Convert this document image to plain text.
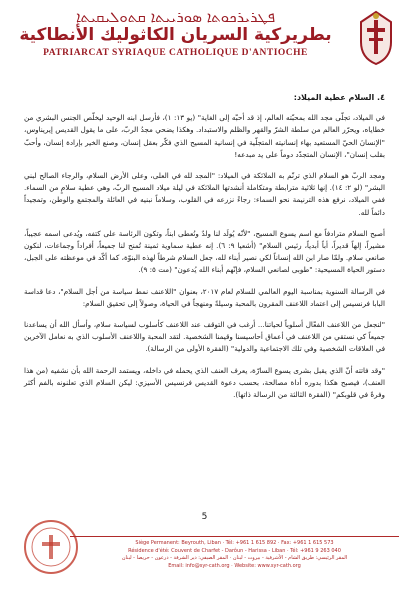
ܦܛܪܝܪܟܘܬܐ ܣܘܪܝܝܬܐ ܩܬܘܠܝܩܝܬܐ
بطريركية السريان الكاثوليك الأنطاكية
PATRIARCAT SYRIAQUE CATHOLIQUE D'ANTIOCHE
٤. السلام عطية الميلاد:

في الميلاد، تجلّى مجد الله بمحبّته العالم، إذ قد أحبّه إلى الغاية" (يو ١٣: ١)، فأرسل ابنه الوحيد ليخلّص الجنس البشري من خطاياه، ويحرّر العالم من سلطة الشرّ والقهر والظلم والاستبداد. وهكذا يضحي مجدُ الربّ، على ما يقول القديس إيريناوس، "الإنسانَ الحيّ المستعيد بهاء إنسانيته المتجلّية في إنسانية المسيح الذي فكّر بعقل إنسان، وصنع الخير بإرادة إنسان، وأحبّ بقلب إنسان"، الإنسان المتجدّد دوماً على يد مبدعه!

ومجد الربّ هو السلام الذي ترنّم به الملائكة في الميلاد: "المجد لله في العلى، وعلى الأرض السلام، والرجاء الصالح لبني البشر" (لو ٢: ١٤). إنها ثلاثية مترابطة ومتكاملة أنشدتها الملائكة في ليلة ميلاد المسيح الربّ، وهي عطية سلامٍ من السماء. ففي الميلاد، نرفع هذه الترنيمة نحو السماء: رجاءً نزرعه في القلوب، وسلاماً نبنيه في العائلة والمجتمع والوطن، وتمجيداً دائماً لله.

أصبح السلام مترادفاً مع اسم يسوع المسيح، "لأنّه يُولَد لنا ولدٌ ونُعطى ابناً، وتكون الرئاسة على كتفه، ويُدعى اسمه عجيباً، مشيراً، إلهاً قديراً، أباً أبدياً، رئيس السلام" (أشعيا ٩: ٦). إنه عطية سماوية ثمينة تُمنح لنا جميعاً، أفراداً وجماعات، لنكون صانعي سلام. ولمّا صار ابن الله إنساناً لكي نصير أبناء لله، جعل السلام شرطاً لهذه البنوّة، كما أكّد في موعظته على الجبل، دستور الحياة المسيحية: "طوبى لصانعي السلام، فإنّهم أبناء الله يُدعون" (مت ٥: ٩).

في الرسالة السنوية بمناسبة اليوم العالمي للسلام لعام ٢٠١٧، بعنوان "اللاعنف نمط سياسة من أجل السلام"، دعا قداسة البابا فرنسيس إلى اعتماد اللاعنف المقرون بالمحبة وسيلةً ومنهجاً في الحياة، وصولاً إلى تحقيق السلام:

"لنجعل من اللاعنف الفعّال أسلوباً لحياتنا... أرغب في التوقف عند اللاعنف كأسلوب لسياسة سلام، وأسأل الله أن يساعدنا جميعاً كي نستقي من اللاعنف في أعماق أحاسيسنا وقيمنا الشخصية. لتقد المحبة واللاعنف الأسلوب الذي به نعامل الآخرين في العلاقات الشخصية وفي تلك الاجتماعية والدولية" (الفقرة الأولى من الرسالة).

"وقد فاتته أنّ الذي يقبل بشرى يسوع السارّة، يعرف العنف الذي يحمله في داخله، ويستمد الرحمة الله بأن نشفيه (من هذا العنف)، فيصبح هكذا بدوره أداة مصالحة، بحسب دعوة القديس فرنسيس الأسيزي: ليكن السلام الذي تعلنونه بالفم أكثر وفرةً في قلوبكم" (الفقرة الثالثة من الرسالة ذاتها).

5
Siège Permanent: Beyrouth, Liban · Tél: +961 1 615 892 · Fax: +961 1 615 573
Résidence d'été: Couvent de Charfet - Darôun - Harissa - Liban · Tél: +961 9 263 040
المقر الرئيسي: طريق الشام - الأشرفية - بيروت - لبنان · المقر الصيفي: دير الشرفة - درعون - حريصا - لبنان
Email: info@syr-cath.org · Website: www.syr-cath.org
